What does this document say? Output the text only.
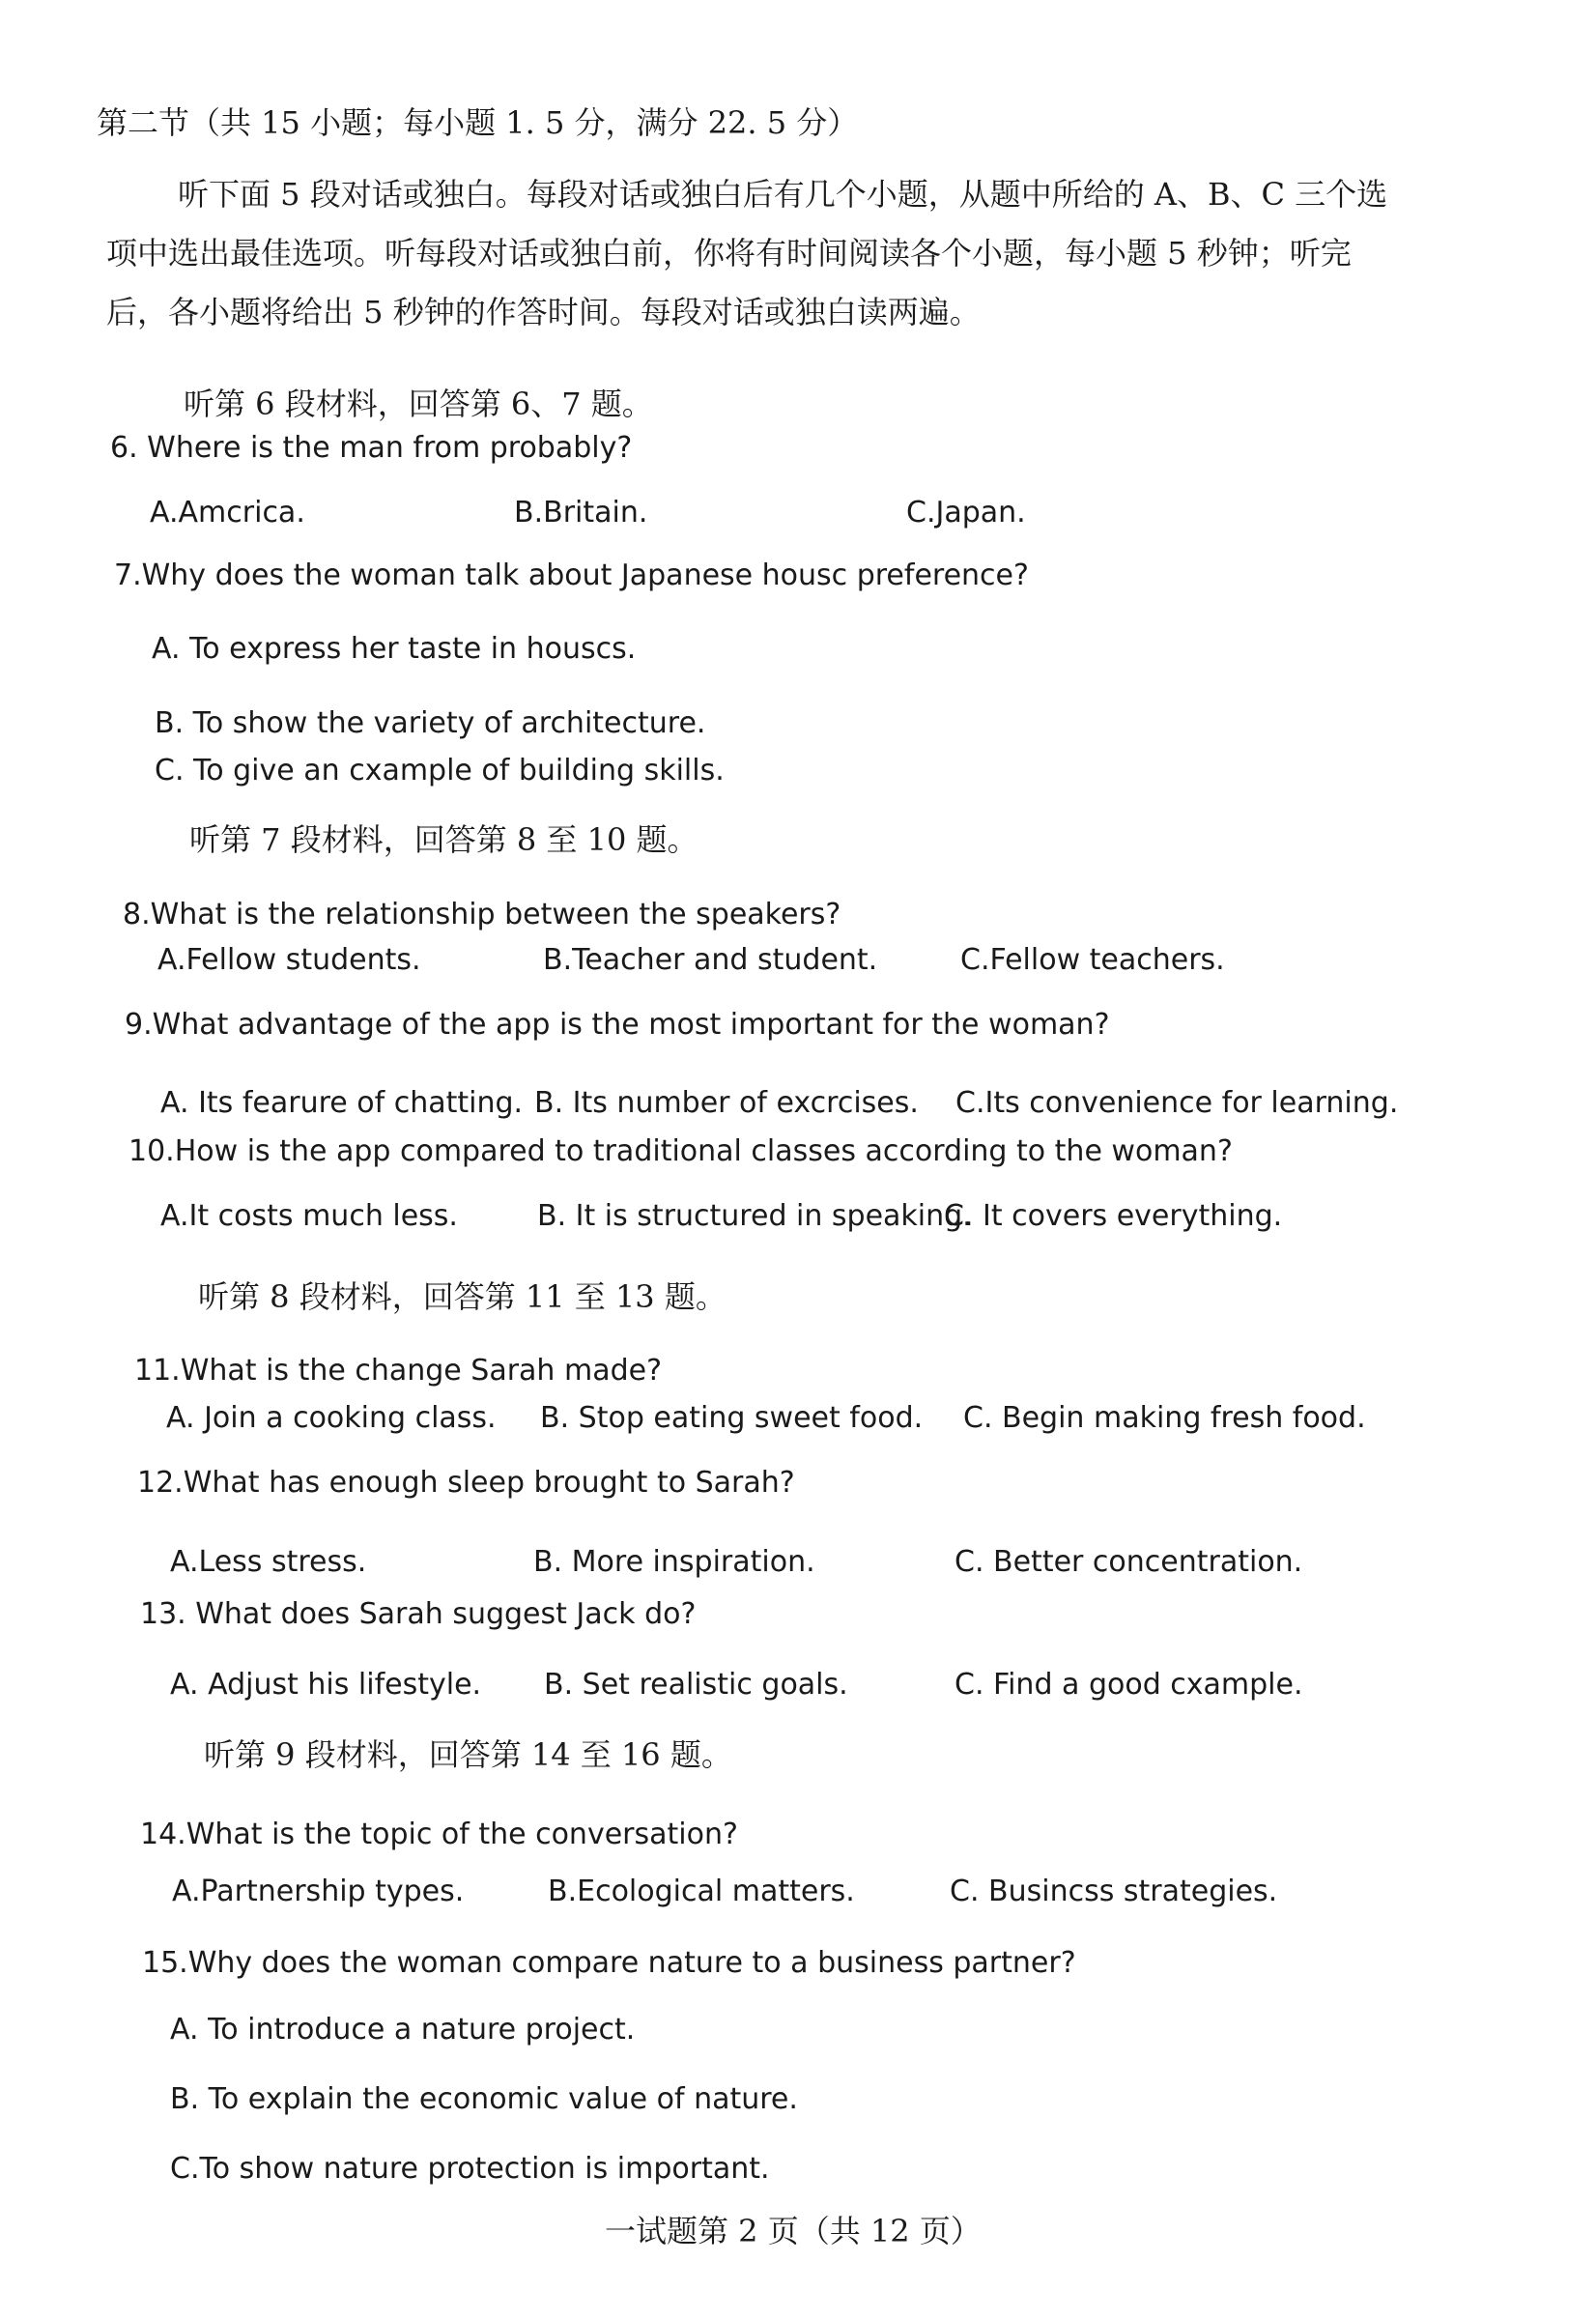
第二节（共 15 小题；每小题 1. 5 分，满分 22. 5 分）
听下面 5 段对话或独白。每段对话或独白后有几个小题，从题中所给的 A、B、C 三个选
项中选出最佳选项。听每段对话或独白前，你将有时间阅读各个小题，每小题 5 秒钟；听完
后，各小题将给出 5 秒钟的作答时间。每段对话或独白读两遍。
听第 6 段材料，回答第 6、7 题。
6. Where is the man from probably?
A.Amcrica.	B.Britain.	C.Japan.
7.Why does the woman talk about Japanese housc preference?
A. To express her taste in houscs.
B. To show the variety of architecture.
C. To give an cxample of building skills.
听第 7 段材料，回答第 8 至 10 题。
8.What is the relationship between the speakers?
A.Fellow students.	B.Teacher and student.	C.Fellow teachers.
9.What advantage of the app is the most important for the woman?
A. Its fearure of chatting. B. Its number of excrcises. C.Its convenience for learning.
10.How is the app compared to traditional classes according to the woman?
A.It costs much less.	B. It is structured in speaking.
C. It covers everything.
听第 8 段材料，回答第 11 至 13 题。
11.What is the change Sarah made?
A. Join a cooking class. B. Stop eating sweet food. C. Begin making fresh food.
12.What has enough sleep brought to Sarah?
A.Less stress.	B. More inspiration.	C. Better concentration.
13. What does Sarah suggest Jack do?
A. Adjust his lifestyle. B. Set realistic goals.	C. Find a good cxample.
听第 9 段材料，回答第 14 至 16 题。
14.What is the topic of the conversation?
A.Partnership types.	B.Ecological matters.	C. Busincss strategies.
15.Why does the woman compare nature to a business partner?
A. To introduce a nature project.
B. To explain the economic value of nature.
C.To show nature protection is important.
一试题第 2 页（共 12 页）
